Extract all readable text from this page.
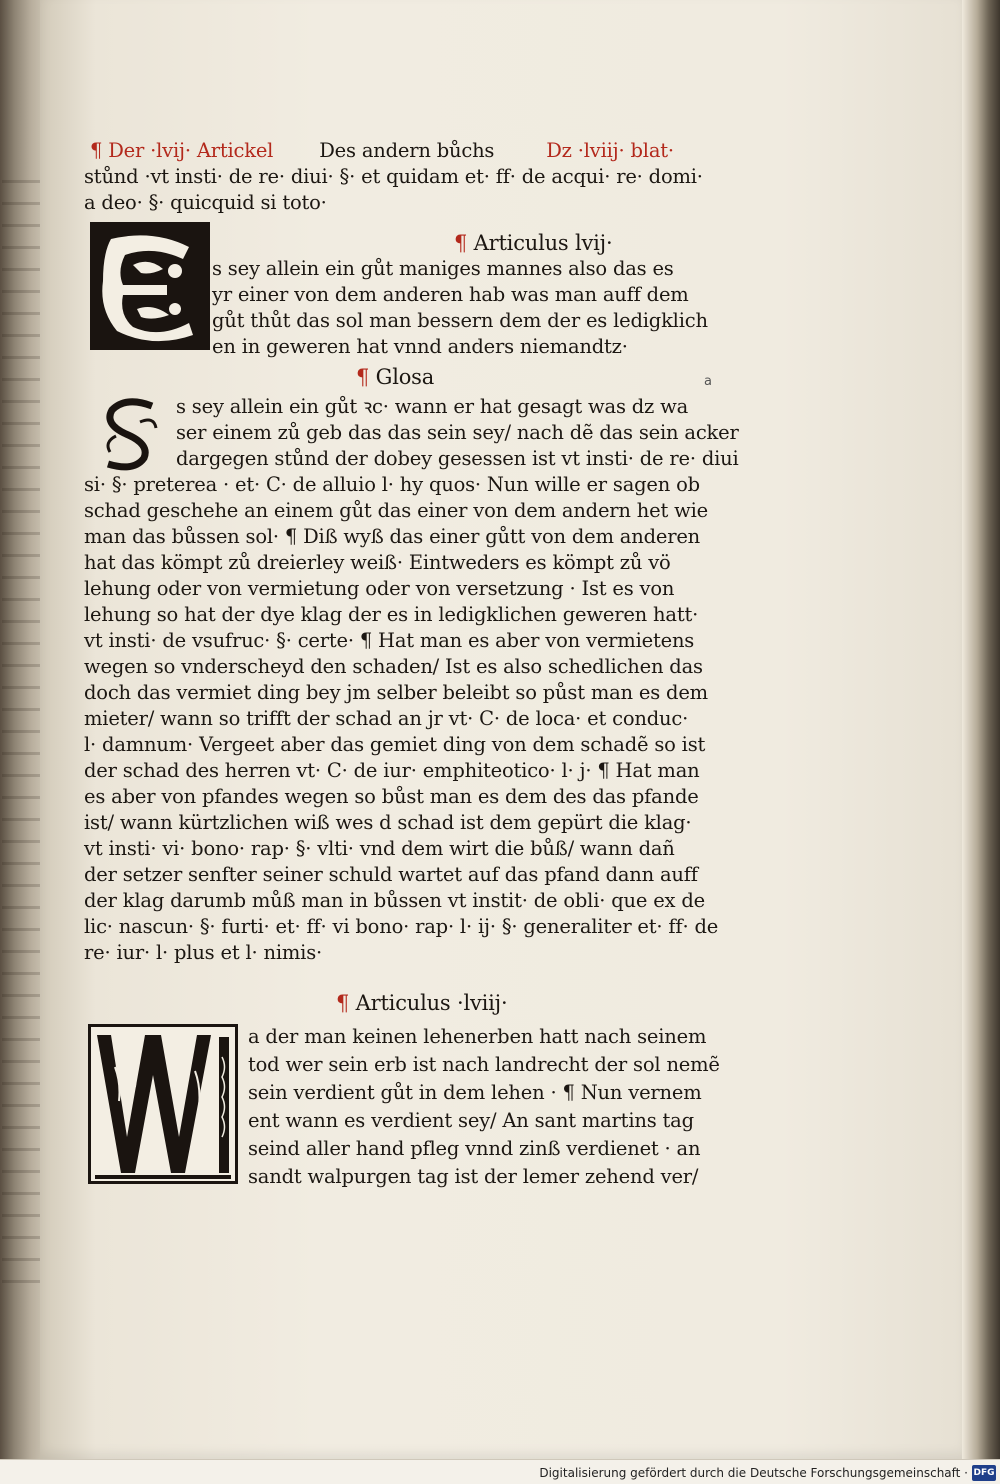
¶ Der ·lvij· Artickel Des andern bůchs	Dz ·lviij· blat·
stůnd ·vt insti· de re· diui· §· et quidam et· ff· de acqui· re· domi·
a deo· §· quicquid si toto·
¶ Articulus lvij·
s sey allein ein gůt maniges mannes also das es
yr einer von dem anderen hab was man auff dem
gůt thůt das sol man bessern dem der es ledigklich
en in geweren hat vnnd anders niemandtz·
¶ Glosa	a
s sey allein ein gůt ꝛc· wann er hat gesagt was dz wa
ser einem zů geb das das sein sey/ nach dẽ das sein acker
dargegen stůnd der dobey gesessen ist vt insti· de re· diui
si· §· preterea · et· C· de alluio l· hy quos· Nun wille er sagen ob
schad geschehe an einem gůt das einer von dem andern het wie
man das bůssen sol· ¶ Diß wyß das einer gůtt von dem anderen
hat das kömpt zů dreierley weiß· Eintweders es kömpt zů vö
lehung oder von vermietung oder von versetzung · Ist es von
lehung so hat der dye klag der es in ledigklichen geweren hatt·
vt insti· de vsufruc· §· certe· ¶ Hat man es aber von vermietens
wegen so vnderscheyd den schaden/ Ist es also schedlichen das
doch das vermiet ding bey jm selber beleibt so půst man es dem
mieter/ wann so trifft der schad an jr vt· C· de loca· et conduc·
l· damnum· Vergeet aber das gemiet ding von dem schadẽ so ist
der schad des herren vt· C· de iur· emphiteotico· l· j· ¶ Hat man
es aber von pfandes wegen so bůst man es dem des das pfande
ist/ wann kürtzlichen wiß wes d schad ist dem gepürt die klag·
vt insti· vi· bono· rap· §· vlti· vnd dem wirt die bůß/ wann dañ
der setzer senfter seiner schuld wartet auf das pfand dann auff
der klag darumb můß man in bůssen vt instit· de obli· que ex de
lic· nascun· §· furti· et· ff· vi bono· rap· l· ij· §· generaliter et· ff· de
re· iur· l· plus et l· nimis·
¶ Articulus ·lviij·
a der man keinen lehenerben hatt nach seinem
tod wer sein erb ist nach landrecht der sol nemẽ
sein verdient gůt in dem lehen · ¶ Nun vernem
ent wann es verdient sey/ An sant martins tag
seind aller hand pfleg vnnd zinß verdienet · an
sandt walpurgen tag ist der lemer zehend ver/
Digitalisierung gefördert durch die Deutsche Forschungsgemeinschaft · DFG
